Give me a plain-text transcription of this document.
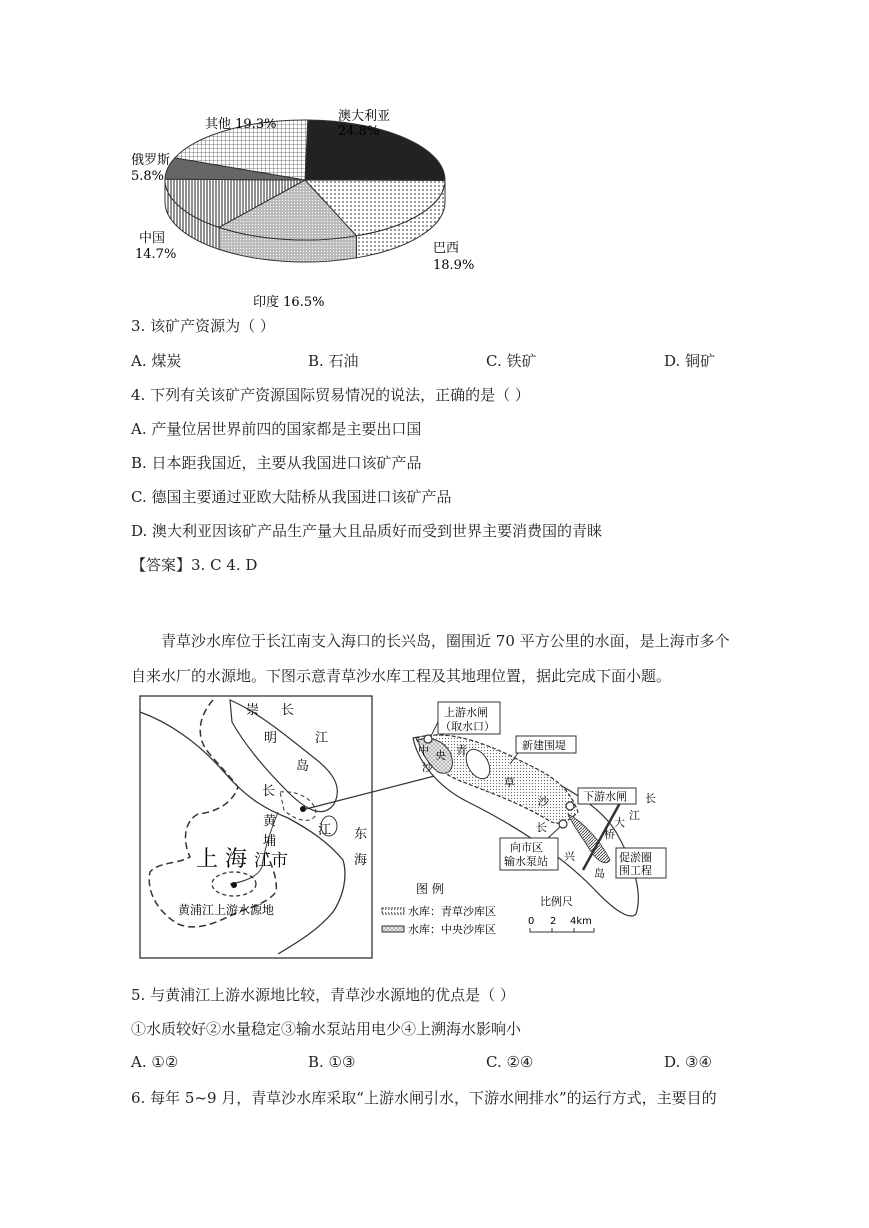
其他 19.3%
澳大利亚
24.8%
俄罗斯
5.8%
中国
14.7%	巴西
18.9%
印度 16.5%
3. 该矿产资源为（ ）
A. 煤炭	B. 石油	C. 铁矿	D. 铜矿
4. 下列有关该矿产资源国际贸易情况的说法，正确的是（ ）
A. 产量位居世界前四的国家都是主要出口国
B. 日本距我国近，主要从我国进口该矿产品
C. 德国主要通过亚欧大陆桥从我国进口该矿产品
D. 澳大利亚因该矿产品生产量大且品质好而受到世界主要消费国的青睐
【答案】3. C 4. D
青草沙水库位于长江南支入海口的长兴岛，圈围近 70 平方公里的水面，是上海市多个自来水厂的水源地。下图示意青草沙水库工程及其地理位置，据此完成下面小题。
崇
明
岛
长
江
长
江
黄
埔	东
海
上 海 江市
黄浦江上游水源地
上游水闸
（取水口）
新建围堤
下游水闸
促淤圈
围工程
向市区
输水泵站
中 央
沙
青
草
沙
长
兴
岛
长
江
大
桥
图 例
水库：青草沙库区
水库：中央沙库区
比例尺
0 2 4km
5. 与黄浦江上游水源地比较，青草沙水源地的优点是（ ）
①水质较好②水量稳定③输水泵站用电少④上溯海水影响小
A. ①②	B. ①③	C. ②④	D. ③④
6. 每年 5~9 月，青草沙水库采取“上游水闸引水，下游水闸排水”的运行方式，主要目的
